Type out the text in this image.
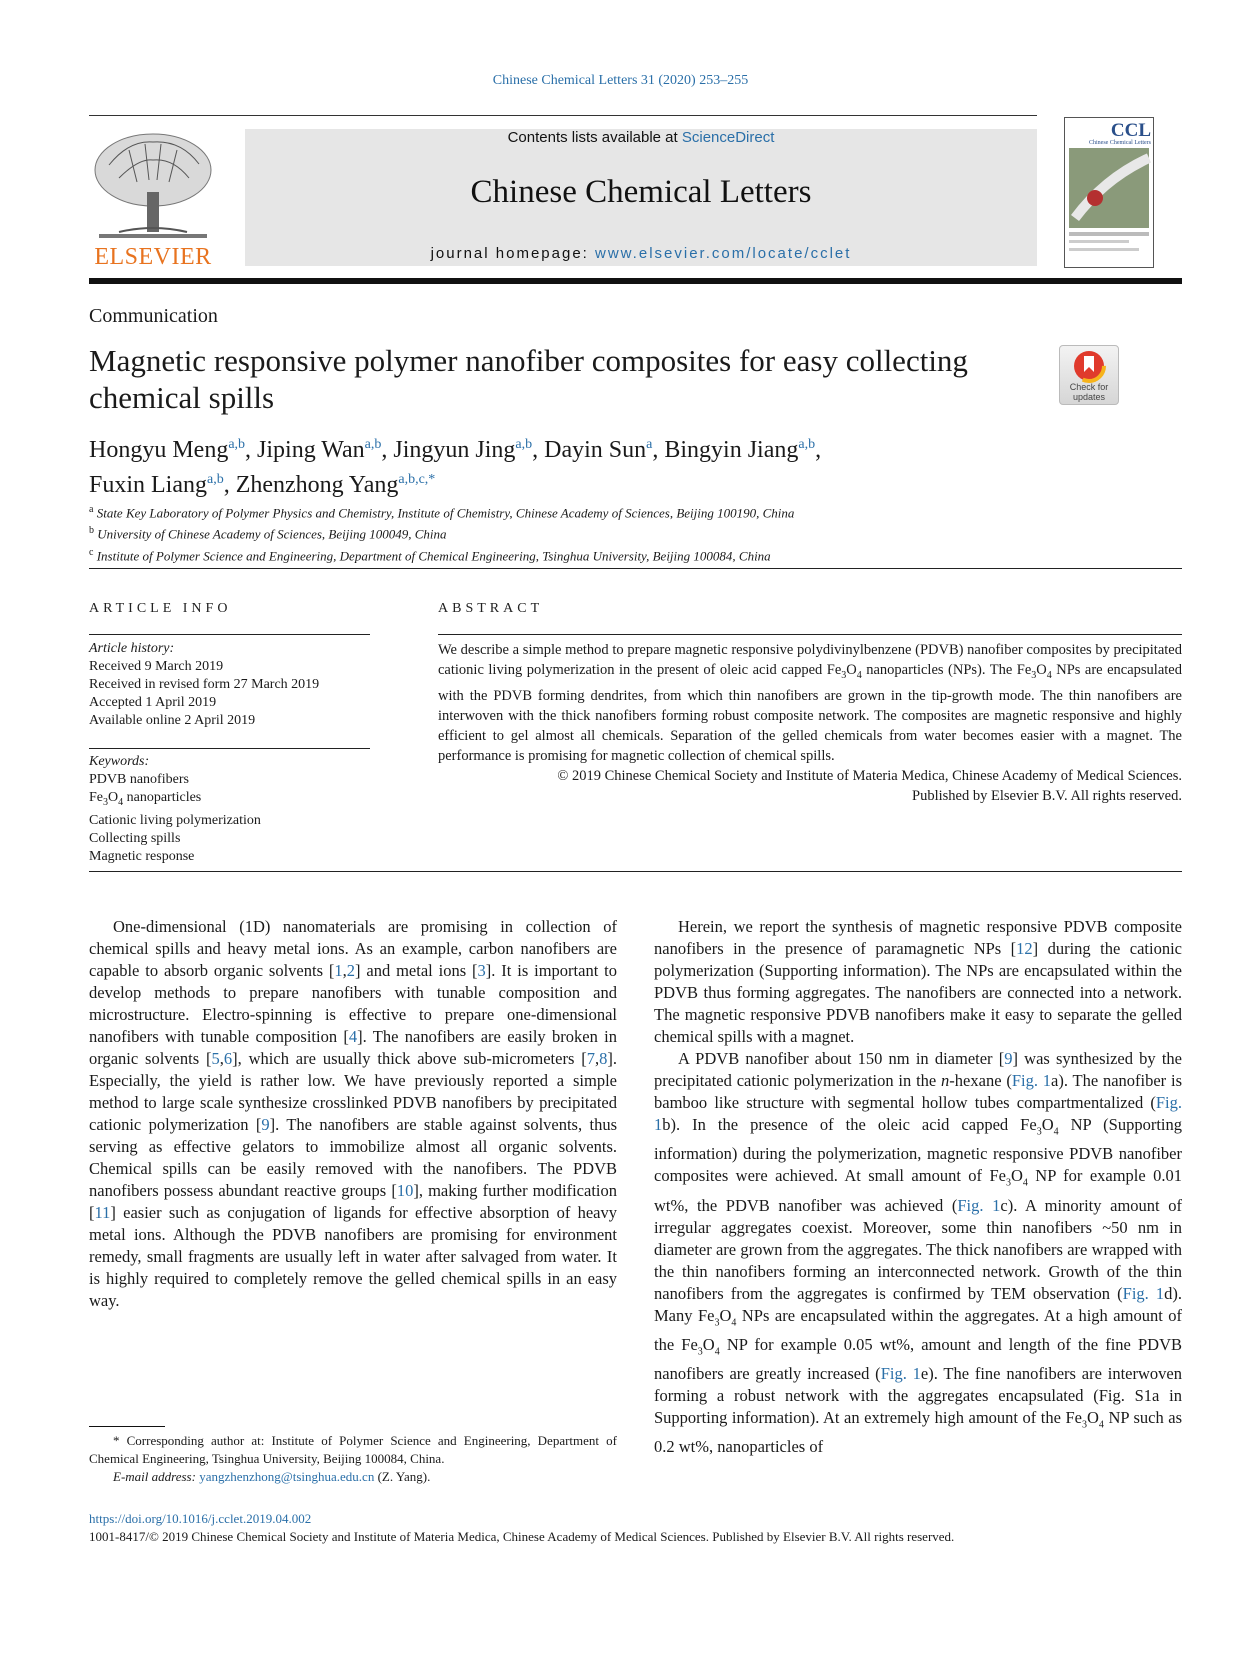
Chinese Chemical Letters 31 (2020) 253–255
ELSEVIER
Contents lists available at ScienceDirect
Chinese Chemical Letters
journal homepage: www.elsevier.com/locate/cclet
CCL
Chinese Chemical Letters
Communication
Magnetic responsive polymer nanofiber composites for easy collecting chemical spills	Check for updates
Hongyu Meng$^{a,b}$, Jiping Wan$^{a,b}$, Jingyun Jing$^{a,b}$, Dayin Sun$^a$, Bingyin Jiang$^{a,b}$,
Fuxin Liang$^{a,b}$, Zhenzhong Yang$^{a,b,c,*}$
$^a$ State Key Laboratory of Polymer Physics and Chemistry, Institute of Chemistry, Chinese Academy of Sciences, Beijing 100190, China
$^b$ University of Chinese Academy of Sciences, Beijing 100049, China
$^c$ Institute of Polymer Science and Engineering, Department of Chemical Engineering, Tsinghua University, Beijing 100084, China
ARTICLE INFO	ABSTRACT
Article history:
Received 9 March 2019
Received in revised form 27 March 2019
Accepted 1 April 2019
Available online 2 April 2019
Keywords:
PDVB nanofibers
$Fe_3O_4$ nanoparticles
Cationic living polymerization
Collecting spills
Magnetic response
We describe a simple method to prepare magnetic responsive polydivinylbenzene (PDVB) nanofiber composites by precipitated cationic living polymerization in the present of oleic acid capped $Fe_3O_4$ nanoparticles (NPs). The $Fe_3O_4$ NPs are encapsulated with the PDVB forming dendrites, from which thin nanofibers are grown in the tip-growth mode. The thin nanofibers are interwoven with the thick nanofibers forming robust composite network. The composites are magnetic responsive and highly efficient to gel almost all chemicals. Separation of the gelled chemicals from water becomes easier with a magnet. The performance is promising for magnetic collection of chemical spills.
© 2019 Chinese Chemical Society and Institute of Materia Medica, Chinese Academy of Medical Sciences.
Published by Elsevier B.V. All rights reserved.

One-dimensional (1D) nanomaterials are promising in collection of chemical spills and heavy metal ions. As an example, carbon nanofibers are capable to absorb organic solvents [1,2] and metal ions [3]. It is important to develop methods to prepare nanofibers with tunable composition and microstructure. Electro-spinning is effective to prepare one-dimensional nanofibers with tunable composition [4]. The nanofibers are easily broken in organic solvents [5,6], which are usually thick above sub-micrometers [7,8]. Especially, the yield is rather low. We have previously reported a simple method to large scale synthesize crosslinked PDVB nanofibers by precipitated cationic polymerization [9]. The nanofibers are stable against solvents, thus serving as effective gelators to immobilize almost all organic solvents. Chemical spills can be easily removed with the nanofibers. The PDVB nanofibers possess abundant reactive groups [10], making further modification [11] easier such as conjugation of ligands for effective absorption of heavy metal ions. Although the PDVB nanofibers are promising for environment remedy, small fragments are usually left in water after salvaged from water. It is highly required to completely remove the gelled chemical spills in an easy way.

Herein, we report the synthesis of magnetic responsive PDVB composite nanofibers in the presence of paramagnetic NPs [12] during the cationic polymerization (Supporting information). The NPs are encapsulated within the PDVB thus forming aggregates. The nanofibers are connected into a network. The magnetic responsive PDVB nanofibers make it easy to separate the gelled chemical spills with a magnet.

A PDVB nanofiber about 150 nm in diameter [9] was synthesized by the precipitated cationic polymerization in the n-hexane (Fig. 1a). The nanofiber is bamboo like structure with segmental hollow tubes compartmentalized (Fig. 1b). In the presence of the oleic acid capped $Fe_3O_4$ NP (Supporting information) during the polymerization, magnetic responsive PDVB nanofiber composites were achieved. At small amount of $Fe_3O_4$ NP for example 0.01 wt%, the PDVB nanofiber was achieved (Fig. 1c). A minority amount of irregular aggregates coexist. Moreover, some thin nanofibers ~50 nm in diameter are grown from the aggregates. The thick nanofibers are wrapped with the thin nanofibers forming an interconnected network. Growth of the thin nanofibers from the aggregates is confirmed by TEM observation (Fig. 1d). Many $Fe_3O_4$ NPs are encapsulated within the aggregates. At a high amount of the $Fe_3O_4$ NP for example 0.05 wt%, amount and length of the fine PDVB nanofibers are greatly increased (Fig. 1e). The fine nanofibers are interwoven forming a robust network with the aggregates encapsulated (Fig. S1a in Supporting information). At an extremely high amount of the $Fe_3O_4$ NP such as 0.2 wt%, nanoparticles of

* Corresponding author at: Institute of Polymer Science and Engineering, Department of Chemical Engineering, Tsinghua University, Beijing 100084, China.
E-mail address: yangzhenzhong@tsinghua.edu.cn (Z. Yang).
https://doi.org/10.1016/j.cclet.2019.04.002
1001-8417/© 2019 Chinese Chemical Society and Institute of Materia Medica, Chinese Academy of Medical Sciences. Published by Elsevier B.V. All rights reserved.
